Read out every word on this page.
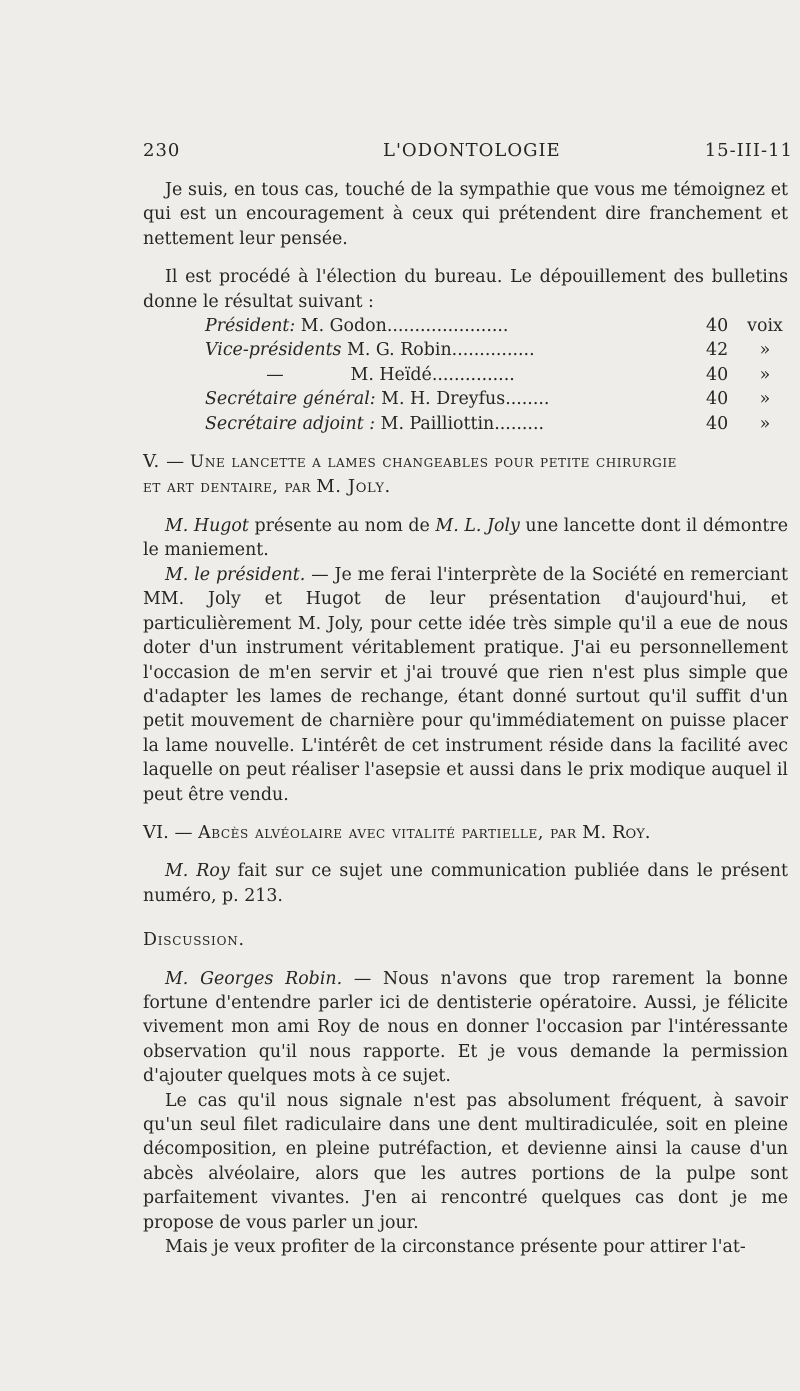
230	L'ODONTOLOGIE	15-III-11

Je suis, en tous cas, touché de la sympathie que vous me témoignez et qui est un encouragement à ceux qui prétendent dire franchement et nettement leur pensée.

Il est procédé à l'élection du bureau. Le dépouillement des bulletins donne le résultat suivant :

Président: M. Godon......................	40	voix
Vice-présidents M. G. Robin...............	42	»
— M. Heïdé...............	40	»
Secrétaire général: M. H. Dreyfus........	40	»
Secrétaire adjoint : M. Pailliottin.........	40	»

V. — Une lancette a lames changeables pour petite chirurgie
et art dentaire, par M. Joly.

M. Hugot présente au nom de M. L. Joly une lancette dont il démontre le maniement.

M. le président. — Je me ferai l'interprète de la Société en remerciant MM. Joly et Hugot de leur présentation d'aujourd'hui, et particulièrement M. Joly, pour cette idée très simple qu'il a eue de nous doter d'un instrument véritablement pratique. J'ai eu personnellement l'occasion de m'en servir et j'ai trouvé que rien n'est plus simple que d'adapter les lames de rechange, étant donné surtout qu'il suffit d'un petit mouvement de charnière pour qu'immédiatement on puisse placer la lame nouvelle. L'intérêt de cet instrument réside dans la facilité avec laquelle on peut réaliser l'asepsie et aussi dans le prix modique auquel il peut être vendu.

VI. — Abcès alvéolaire avec vitalité partielle, par M. Roy.

M. Roy fait sur ce sujet une communication publiée dans le présent numéro, p. 213.

Discussion.

M. Georges Robin. — Nous n'avons que trop rarement la bonne fortune d'entendre parler ici de dentisterie opératoire. Aussi, je félicite vivement mon ami Roy de nous en donner l'occasion par l'intéressante observation qu'il nous rapporte. Et je vous demande la permission d'ajouter quelques mots à ce sujet.

Le cas qu'il nous signale n'est pas absolument fréquent, à savoir qu'un seul filet radiculaire dans une dent multiradiculée, soit en pleine décomposition, en pleine putréfaction, et devienne ainsi la cause d'un abcès alvéolaire, alors que les autres portions de la pulpe sont parfaitement vivantes. J'en ai rencontré quelques cas dont je me propose de vous parler un jour.

Mais je veux profiter de la circonstance présente pour attirer l'at-
